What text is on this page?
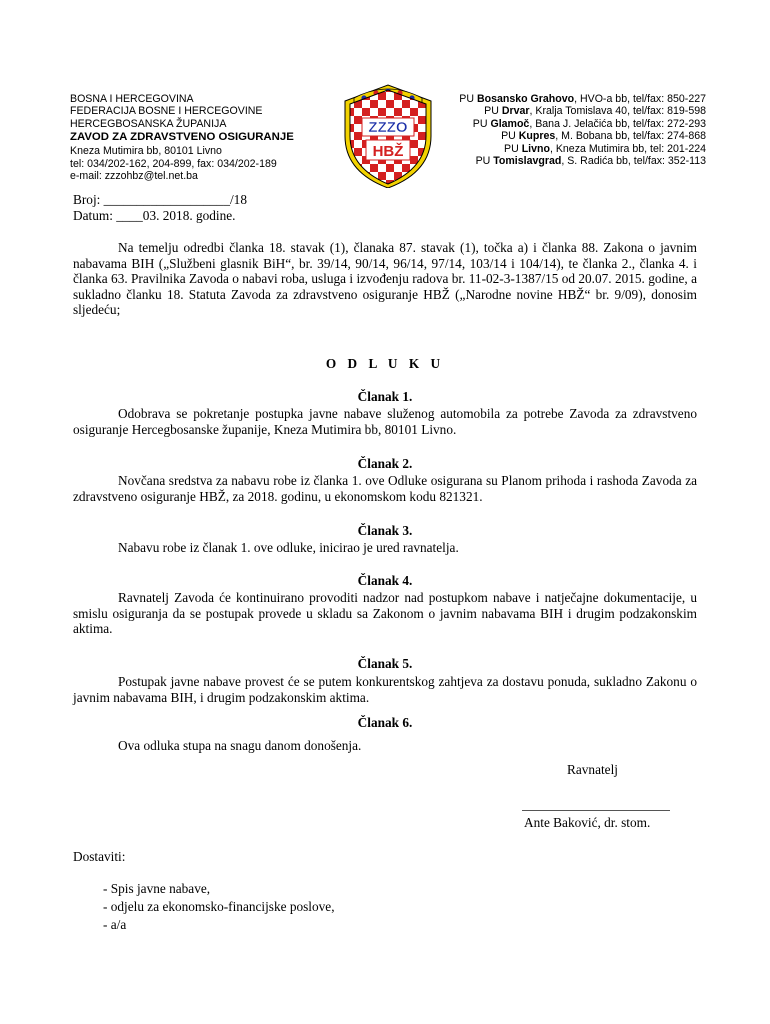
BOSNA I HERCEGOVINA
FEDERACIJA BOSNE I HERCEGOVINE
HERCEGBOSANSKA ŽUPANIJA
ZAVOD ZA ZDRAVSTVENO OSIGURANJE
Kneza Mutimira bb, 80101 Livno
tel: 034/202-162, 204-899, fax: 034/202-189
e-mail: zzzohbz@tel.net.ba
ZZZO
HBŽ
PU Bosansko Grahovo, HVO-a bb, tel/fax: 850-227
PU Drvar, Kralja Tomislava 40, tel/fax: 819-598
PU Glamoč, Bana J. Jelačića bb, tel/fax: 272-293
PU Kupres, M. Bobana bb, tel/fax: 274-868
PU Livno, Kneza Mutimira bb, tel: 201-224
PU Tomislavgrad, S. Radića bb, tel/fax: 352-113
Broj: ___________________/18
Datum: ____03. 2018. godine.
Na temelju odredbi članka 18. stavak (1), članaka 87. stavak (1), točka a) i članka 88. Zakona o javnim nabavama BIH („Službeni glasnik BiH“, br. 39/14, 90/14, 96/14, 97/14, 103/14 i 104/14), te članka 2., članka 4. i članka 63. Pravilnika Zavoda o nabavi roba, usluga i izvođenju radova br. 11-02-3-1387/15 od 20.07. 2015. godine, a sukladno članku 18. Statuta Zavoda za zdravstveno osiguranje HBŽ („Narodne novine HBŽ“ br. 9/09), donosim sljedeću;
O D L U K U
Članak 1.
Odobrava se pokretanje postupka javne nabave služenog automobila za potrebe Zavoda za zdravstveno osiguranje Hercegbosanske županije, Kneza Mutimira bb, 80101 Livno.
Članak 2.
Novčana sredstva za nabavu robe iz članka 1. ove Odluke osigurana su Planom prihoda i rashoda Zavoda za zdravstveno osiguranje HBŽ, za 2018. godinu, u ekonomskom kodu 821321.
Članak 3.
Nabavu robe iz članak 1. ove odluke, inicirao je ured ravnatelja.
Članak 4.
Ravnatelj Zavoda će kontinuirano provoditi nadzor nad postupkom nabave i natječajne dokumentacije, u smislu osiguranja da se postupak provede u skladu sa Zakonom o javnim nabavama BIH i drugim podzakonskim aktima.
Članak 5.
Postupak javne nabave provest će se putem konkurentskog zahtjeva za dostavu ponuda, sukladno Zakonu o javnim nabavama BIH, i drugim podzakonskim aktima.
Članak 6.
Ova odluka stupa na snagu danom donošenja.
Ravnatelj
Ante Baković, dr. stom.
Dostaviti:
- Spis javne nabave,
- odjelu za ekonomsko-financijske poslove,
- a/a
